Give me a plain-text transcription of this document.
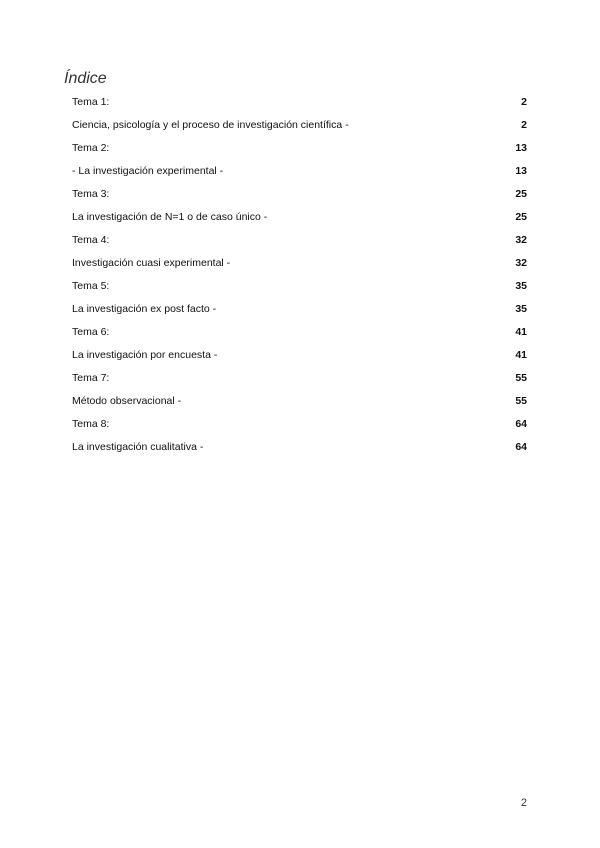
Índice
Tema 1:	2
Ciencia, psicología y el proceso de investigación científica -	2
Tema 2:	13
- La investigación experimental -	13
Tema 3:	25
La investigación de N=1 o de caso único -	25
Tema 4:	32
Investigación cuasi experimental -	32
Tema 5:	35
La investigación ex post facto -	35
Tema 6:	41
La investigación por encuesta -	41
Tema 7:	55
Método observacional -	55
Tema 8:	64
La investigación cualitativa -	64
2
